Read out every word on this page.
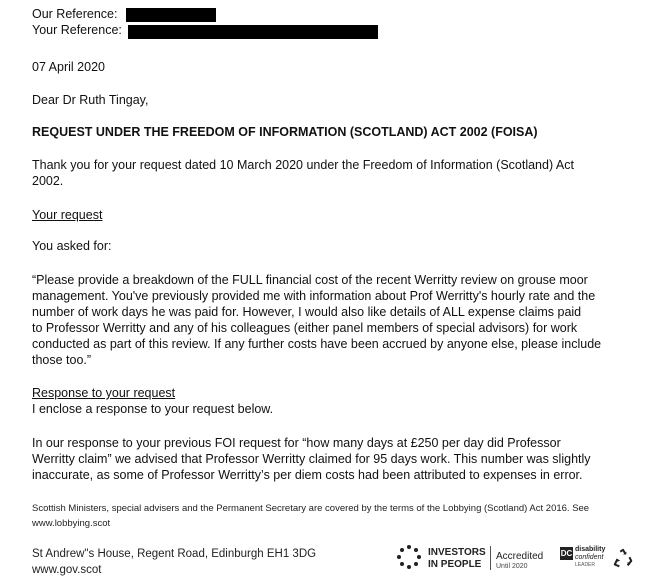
Our Reference:
Your Reference:
07 April 2020
Dear Dr Ruth Tingay,
REQUEST UNDER THE FREEDOM OF INFORMATION (SCOTLAND) ACT 2002 (FOISA)
Thank you for your request dated 10 March 2020 under the Freedom of Information (Scotland) Act
2002.
Your request
You asked for:
“Please provide a breakdown of the FULL financial cost of the recent Werritty review on grouse moor
management. You've previously provided me with information about Prof Werritty's hourly rate and the
number of work days he was paid for. However, I would also like details of ALL expense claims paid
to Professor Werritty and any of his colleagues (either panel members of special advisors) for work
conducted as part of this review. If any further costs have been accrued by anyone else, please include
those too.”
Response to your request
I enclose a response to your request below.
In our response to your previous FOI request for “how many days at £250 per day did Professor
Werritty claim” we advised that Professor Werritty claimed for 95 days work. This number was slightly
inaccurate, as some of Professor Werritty’s per diem costs had been attributed to expenses in error.
Scottish Ministers, special advisers and the Permanent Secretary are covered by the terms of the Lobbying (Scotland) Act 2016. See
www.lobbying.scot
St Andrew"s House, Regent Road, Edinburgh EH1 3DG
www.gov.scot
INVESTORS
IN PEOPLE
Accredited
Until 2020
DC disability
confident
LEADER
